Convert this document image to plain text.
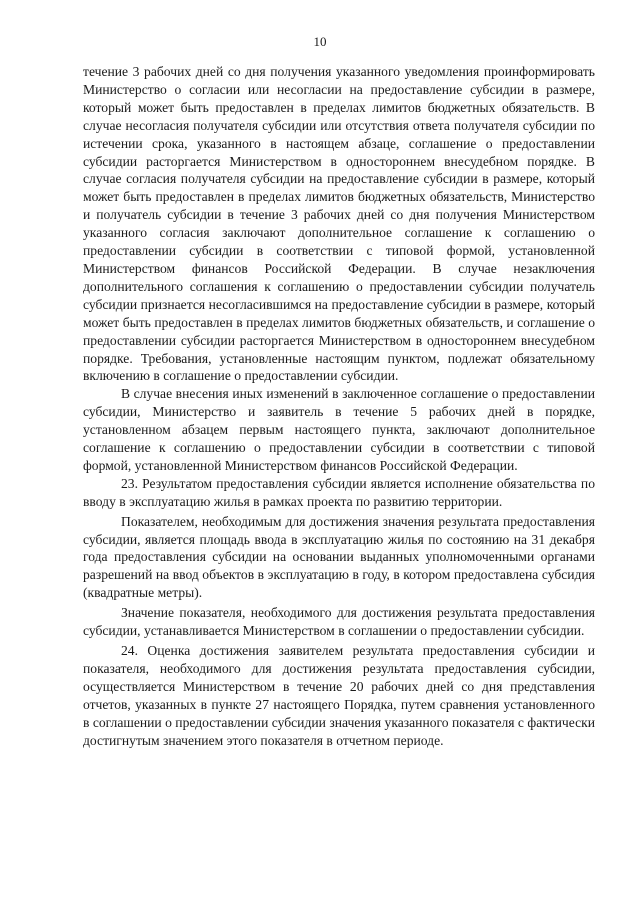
10

течение 3 рабочих дней со дня получения указанного уведомления проинформировать Министерство о согласии или несогласии на предоставление субсидии в размере, который может быть предоставлен в пределах лимитов бюджетных обязательств. В случае несогласия получателя субсидии или отсутствия ответа получателя субсидии по истечении срока, указанного в настоящем абзаце, соглашение о предоставлении субсидии расторгается Министерством в одностороннем внесудебном порядке. В случае согласия получателя субсидии на предоставление субсидии в размере, который может быть предоставлен в пределах лимитов бюджетных обязательств, Министерство и получатель субсидии в течение 3 рабочих дней со дня получения Министерством указанного согласия заключают дополнительное соглашение к соглашению о предоставлении субсидии в соответствии с типовой формой, установленной Министерством финансов Российской Федерации. В случае незаключения дополнительного соглашения к соглашению о предоставлении субсидии получатель субсидии признается несогласившимся на предоставление субсидии в размере, который может быть предоставлен в пределах лимитов бюджетных обязательств, и соглашение о предоставлении субсидии расторгается Министерством в одностороннем внесудебном порядке. Требования, установленные настоящим пунктом, подлежат обязательному включению в соглашение о предоставлении субсидии.

В случае внесения иных изменений в заключенное соглашение о предоставлении субсидии, Министерство и заявитель в течение 5 рабочих дней в порядке, установленном абзацем первым настоящего пункта, заключают дополнительное соглашение к соглашению о предоставлении субсидии в соответствии с типовой формой, установленной Министерством финансов Российской Федерации.

23. Результатом предоставления субсидии является исполнение обязательства по вводу в эксплуатацию жилья в рамках проекта по развитию территории.

Показателем, необходимым для достижения значения результата предоставления субсидии, является площадь ввода в эксплуатацию жилья по состоянию на 31 декабря года предоставления субсидии на основании выданных уполномоченными органами разрешений на ввод объектов в эксплуатацию в году, в котором предоставлена субсидия (квадратные метры).

Значение показателя, необходимого для достижения результата предоставления субсидии, устанавливается Министерством в соглашении о предоставлении субсидии.

24. Оценка достижения заявителем результата предоставления субсидии и показателя, необходимого для достижения результата предоставления субсидии, осуществляется Министерством в течение 20 рабочих дней со дня представления отчетов, указанных в пункте 27 настоящего Порядка, путем сравнения установленного в соглашении о предоставлении субсидии значения указанного показателя с фактически достигнутым значением этого показателя в отчетном периоде.
